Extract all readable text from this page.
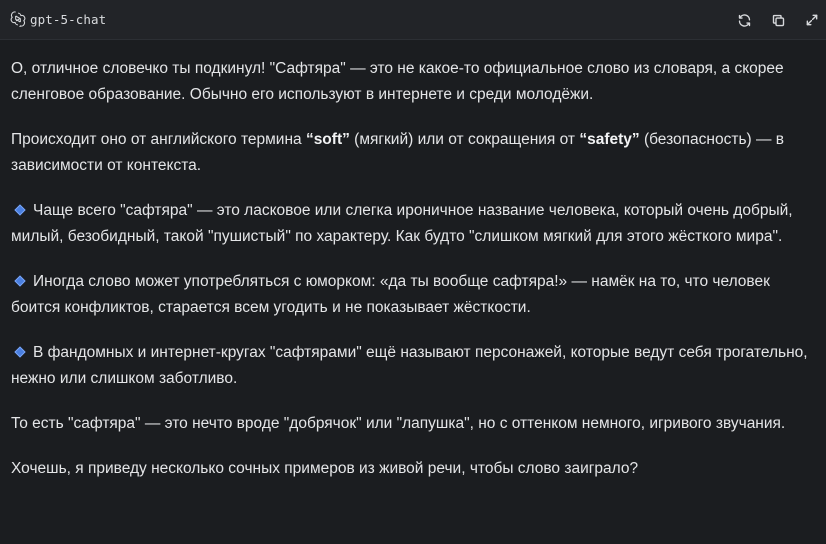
gpt-5-chat

О, отличное словечко ты подкинул! "Сафтяра" — это не какое-то официальное слово из словаря, а скорее сленговое образование. Обычно его используют в интернете и среди молодёжи.

Происходит оно от английского термина “soft” (мягкий) или от сокращения от “safety” (безопасность) — в зависимости от контекста.

Чаще всего "сафтяра" — это ласковое или слегка ироничное название человека, который очень добрый, милый, безобидный, такой "пушистый" по характеру. Как будто "слишком мягкий для этого жёсткого мира".

Иногда слово может употребляться с юморком: «да ты вообще сафтяра!» — намёк на то, что человек боится конфликтов, старается всем угодить и не показывает жёсткости.

В фандомных и интернет-кругах "сафтярами" ещё называют персонажей, которые ведут себя трогательно, нежно или слишком заботливо.

То есть "сафтяра" — это нечто вроде "добрячок" или "лапушка", но с оттенком немного, игривого звучания.

Хочешь, я приведу несколько сочных примеров из живой речи, чтобы слово заиграло?
